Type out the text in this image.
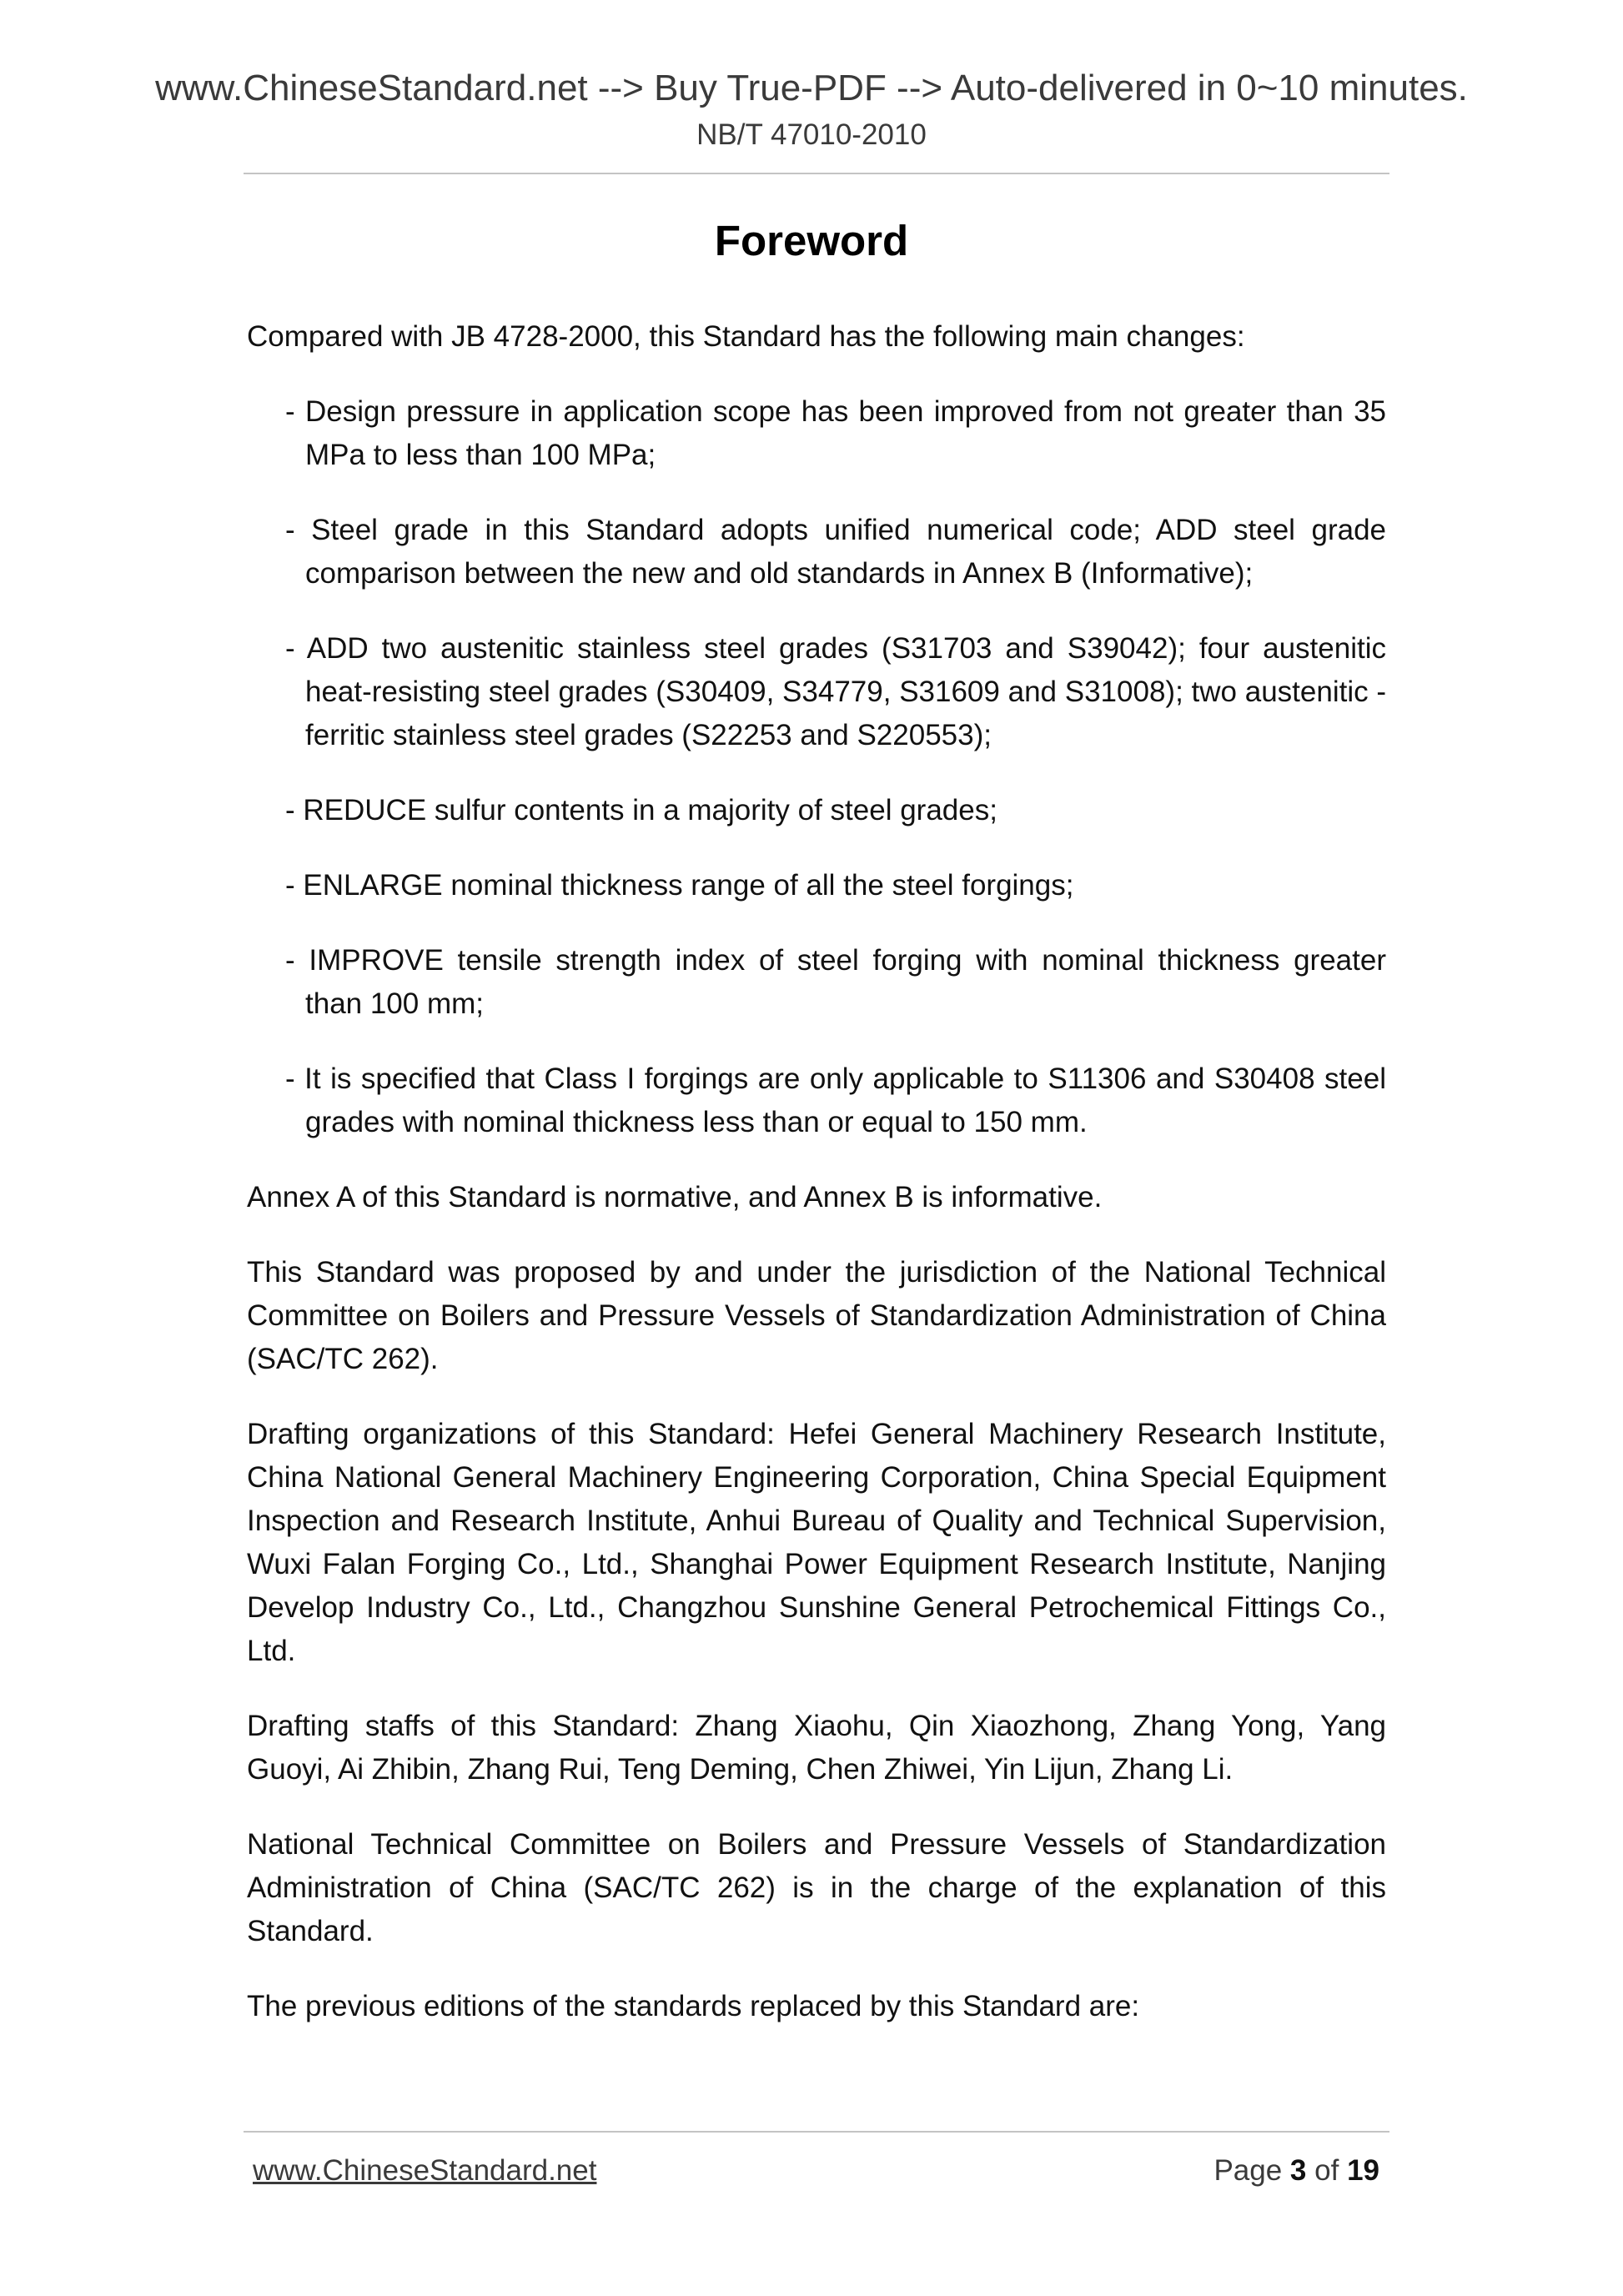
www.ChineseStandard.net --> Buy True-PDF --> Auto-delivered in 0~10 minutes.
NB/T 47010-2010
Foreword

Compared with JB 4728-2000, this Standard has the following main changes:

- Design pressure in application scope has been improved from not greater than 35 MPa to less than 100 MPa;

- Steel grade in this Standard adopts unified numerical code; ADD steel grade comparison between the new and old standards in Annex B (Informative);

- ADD two austenitic stainless steel grades (S31703 and S39042); four austenitic heat-resisting steel grades (S30409, S34779, S31609 and S31008); two austenitic - ferritic stainless steel grades (S22253 and S220553);

- REDUCE sulfur contents in a majority of steel grades;

- ENLARGE nominal thickness range of all the steel forgings;

- IMPROVE tensile strength index of steel forging with nominal thickness greater than 100 mm;

- It is specified that Class I forgings are only applicable to S11306 and S30408 steel grades with nominal thickness less than or equal to 150 mm.

Annex A of this Standard is normative, and Annex B is informative.

This Standard was proposed by and under the jurisdiction of the National Technical Committee on Boilers and Pressure Vessels of Standardization Administration of China (SAC/TC 262).

Drafting organizations of this Standard: Hefei General Machinery Research Institute, China National General Machinery Engineering Corporation, China Special Equipment Inspection and Research Institute, Anhui Bureau of Quality and Technical Supervision, Wuxi Falan Forging Co., Ltd., Shanghai Power Equipment Research Institute, Nanjing Develop Industry Co., Ltd., Changzhou Sunshine General Petrochemical Fittings Co., Ltd.

Drafting staffs of this Standard: Zhang Xiaohu, Qin Xiaozhong, Zhang Yong, Yang Guoyi, Ai Zhibin, Zhang Rui, Teng Deming, Chen Zhiwei, Yin Lijun, Zhang Li.

National Technical Committee on Boilers and Pressure Vessels of Standardization Administration of China (SAC/TC 262) is in the charge of the explanation of this Standard.

The previous editions of the standards replaced by this Standard are:

www.ChineseStandard.net	Page 3 of 19
